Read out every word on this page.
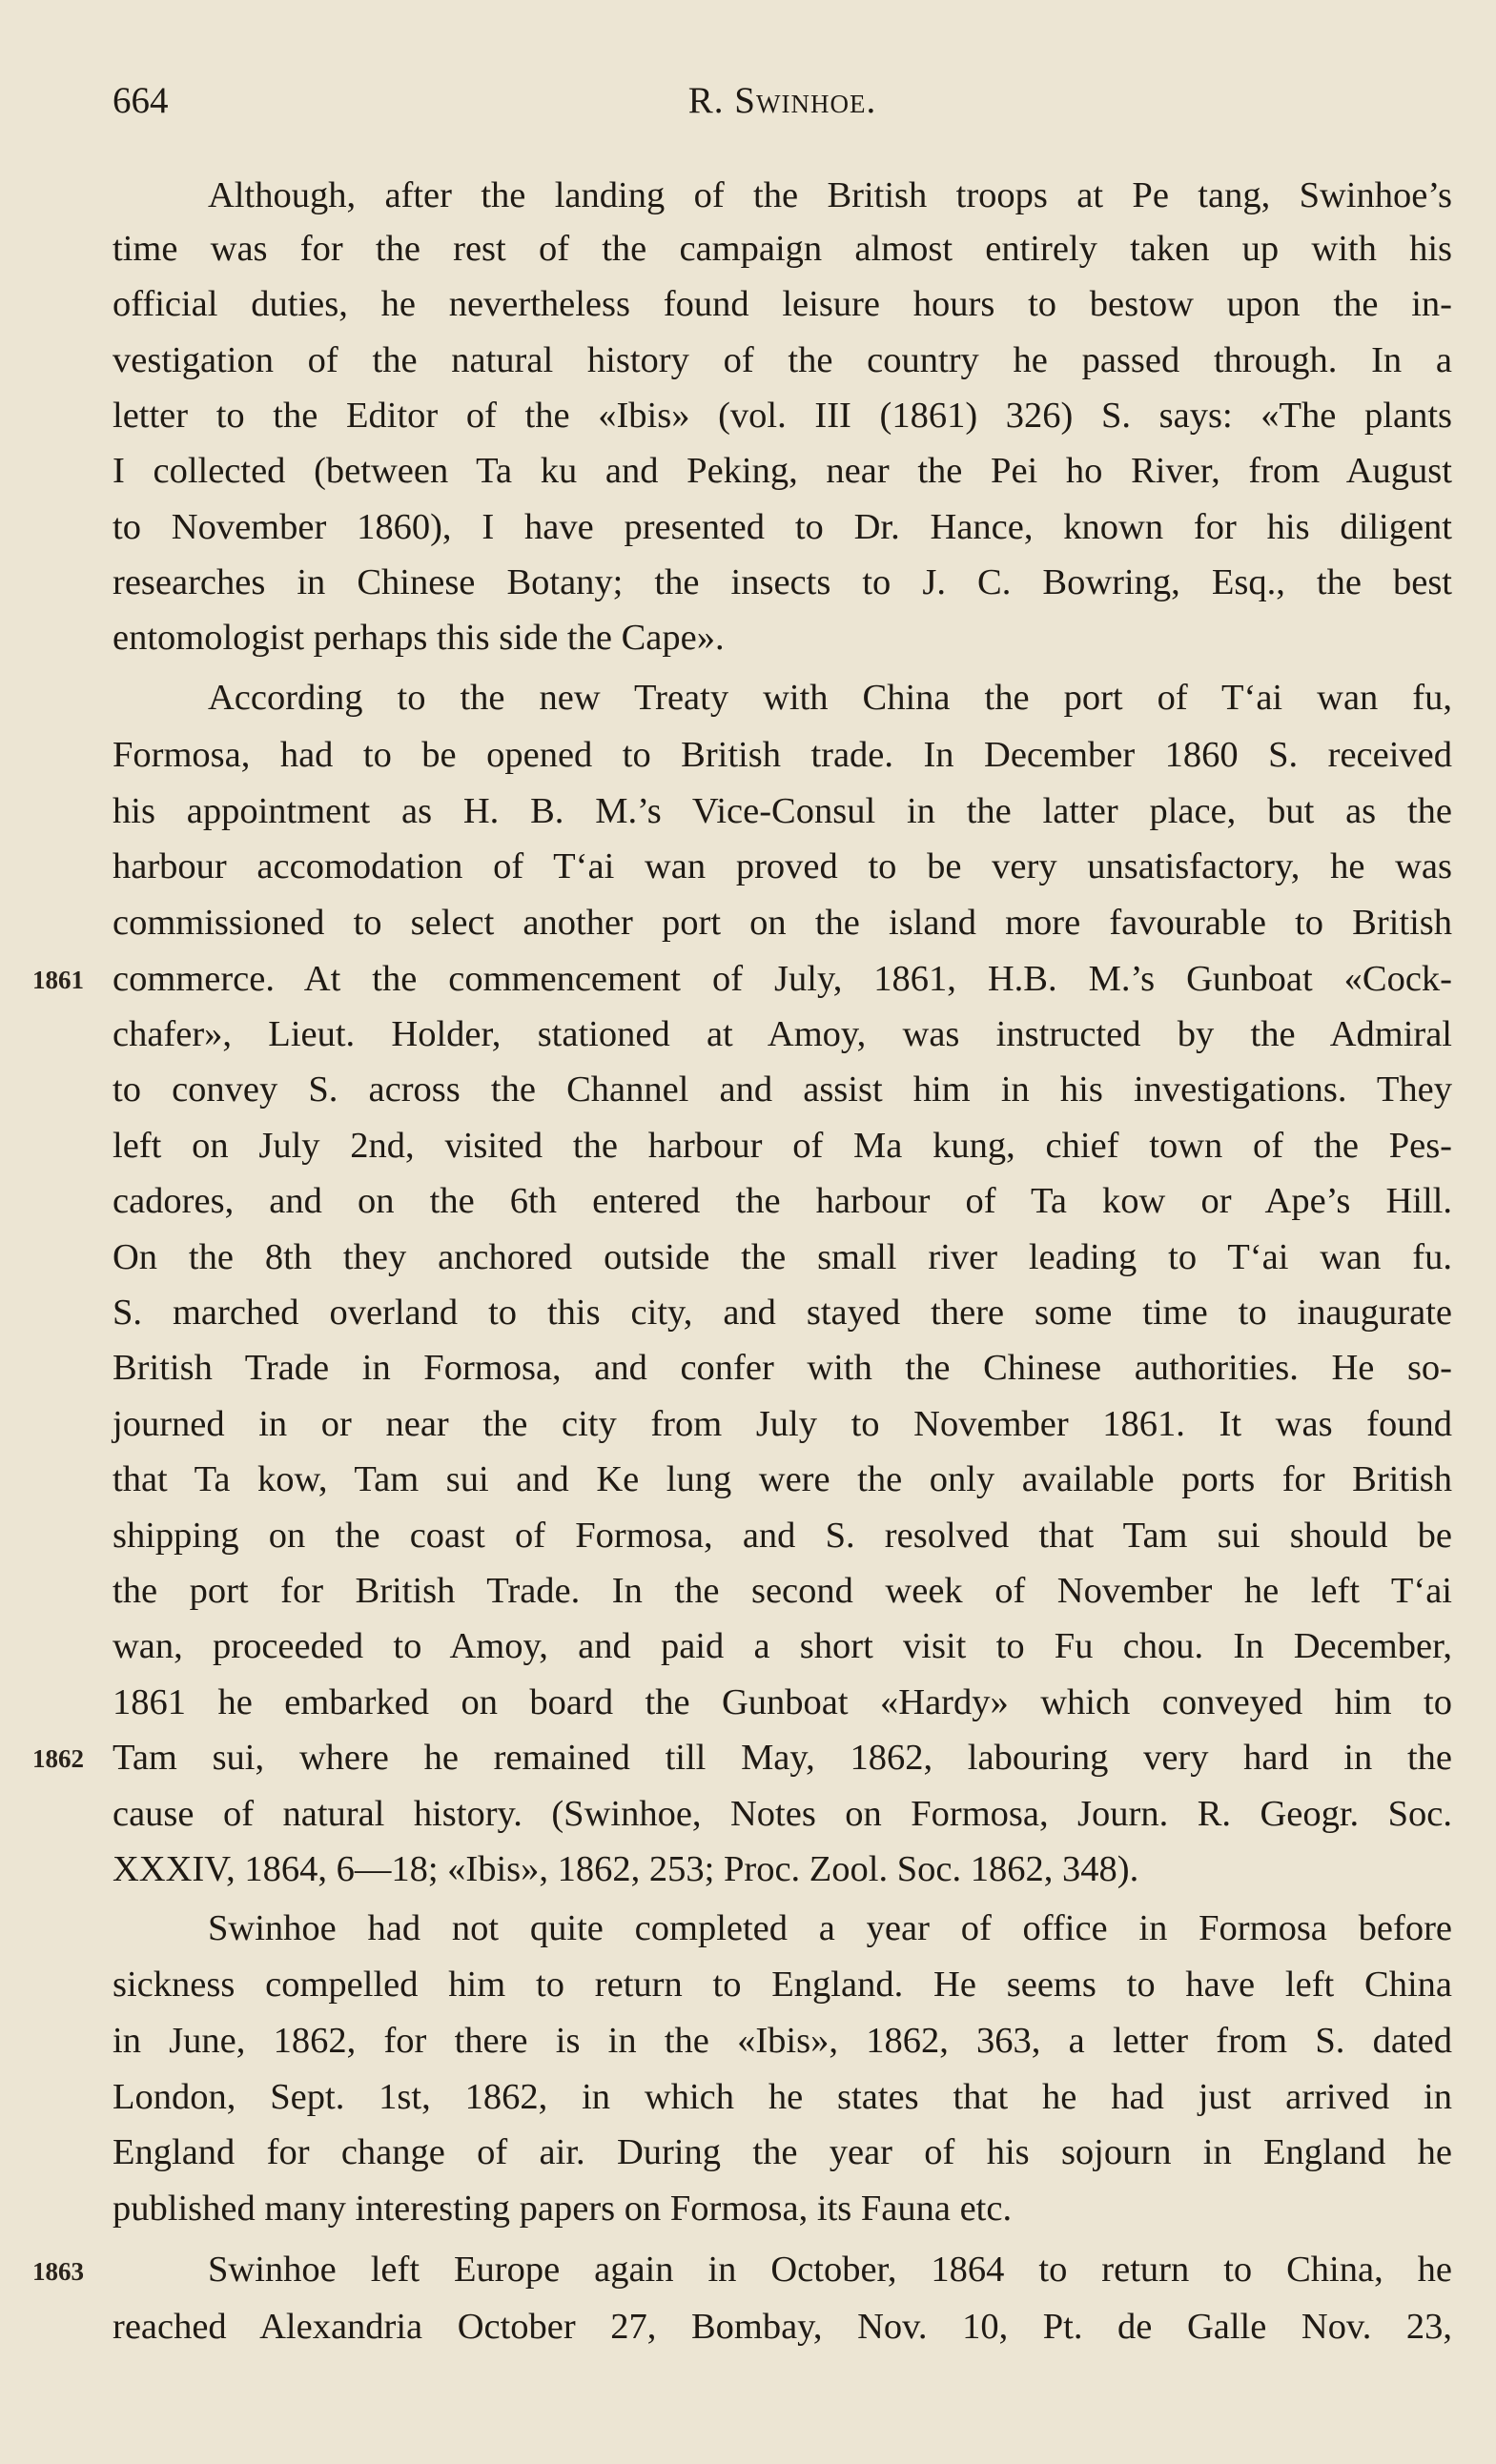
664	R. Swinhoe.
Although, after the landing of the British troops at Pe tang, Swinhoe’s
time was for the rest of the campaign almost entirely taken up with his
official duties, he nevertheless found leisure hours to bestow upon the in-
vestigation of the natural history of the country he passed through. In a
letter to the Editor of the «Ibis» (vol. III (1861) 326) S. says: «The plants
I collected (between Ta ku and Peking, near the Pei ho River, from August
to November 1860), I have presented to Dr. Hance, known for his diligent
researches in Chinese Botany; the insects to J. C. Bowring, Esq., the best
entomologist perhaps this side the Cape».
According to the new Treaty with China the port of Tʻai wan fu,
Formosa, had to be opened to British trade. In December 1860 S. received
his appointment as H. B. M.’s Vice-Consul in the latter place, but as the
harbour accomodation of Tʻai wan proved to be very unsatisfactory, he was
commissioned to select another port on the island more favourable to British
commerce. At the commencement of July, 1861, H.B. M.’s Gunboat «Cock-
chafer», Lieut. Holder, stationed at Amoy, was instructed by the Admiral
to convey S. across the Channel and assist him in his investigations. They
left on July 2nd, visited the harbour of Ma kung, chief town of the Pes-
cadores, and on the 6th entered the harbour of Ta kow or Ape’s Hill.
On the 8th they anchored outside the small river leading to Tʻai wan fu.
S. marched overland to this city, and stayed there some time to inaugurate
British Trade in Formosa, and confer with the Chinese authorities. He so-
journed in or near the city from July to November 1861. It was found
that Ta kow, Tam sui and Ke lung were the only available ports for British
shipping on the coast of Formosa, and S. resolved that Tam sui should be
the port for British Trade. In the second week of November he left Tʻai
wan, proceeded to Amoy, and paid a short visit to Fu chou. In December,
1861 he embarked on board the Gunboat «Hardy» which conveyed him to
Tam sui, where he remained till May, 1862, labouring very hard in the
cause of natural history. (Swinhoe, Notes on Formosa, Journ. R. Geogr. Soc.
XXXIV, 1864, 6—18; «Ibis», 1862, 253; Proc. Zool. Soc. 1862, 348).
Swinhoe had not quite completed a year of office in Formosa before
sickness compelled him to return to England. He seems to have left China
in June, 1862, for there is in the «Ibis», 1862, 363, a letter from S. dated
London, Sept. 1st, 1862, in which he states that he had just arrived in
England for change of air. During the year of his sojourn in England he
published many interesting papers on Formosa, its Fauna etc.
Swinhoe left Europe again in October, 1864 to return to China, he
reached Alexandria October 27, Bombay, Nov. 10, Pt. de Galle Nov. 23,
1861
1862
1863
